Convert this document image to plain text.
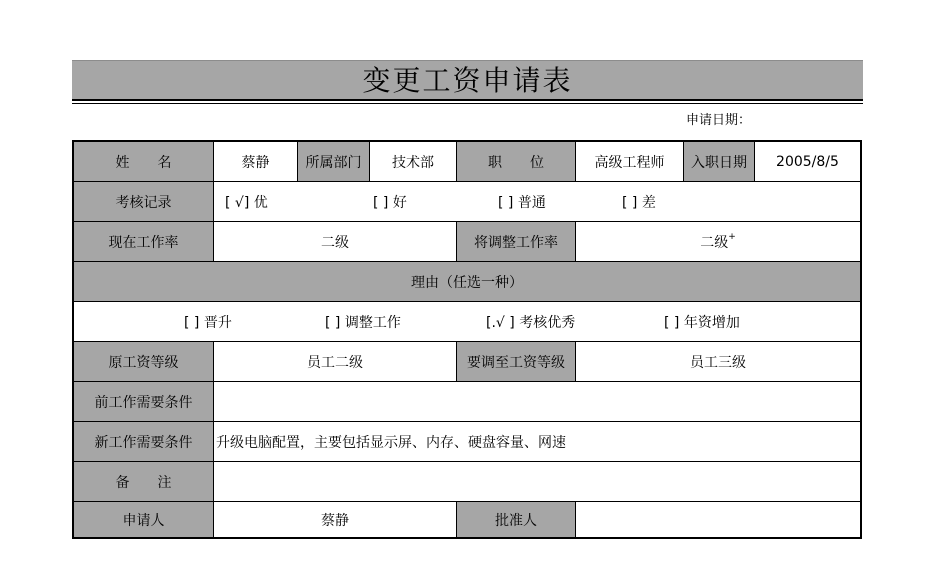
变更工资申请表
申请日期：
姓　　名	蔡静	所属部门	技术部	职　　位	高级工程师	入职日期	2005/8/5
考核记录	[ √] 优	[ ] 好	[ ] 普通	[ ] 差
现在工作率	二级	将调整工作率	二级 +
理由（任选一种）
[ ] 晋升	[ ] 调整工作	[.√ ] 考核优秀	[ ] 年资增加
原工资等级	员工二级	要调至工资等级	员工三级
前工作需要条件
新工作需要条件	升级电脑配置，主要包括显示屏、内存、硬盘容量、网速
备　　注
申请人	蔡静	批准人
